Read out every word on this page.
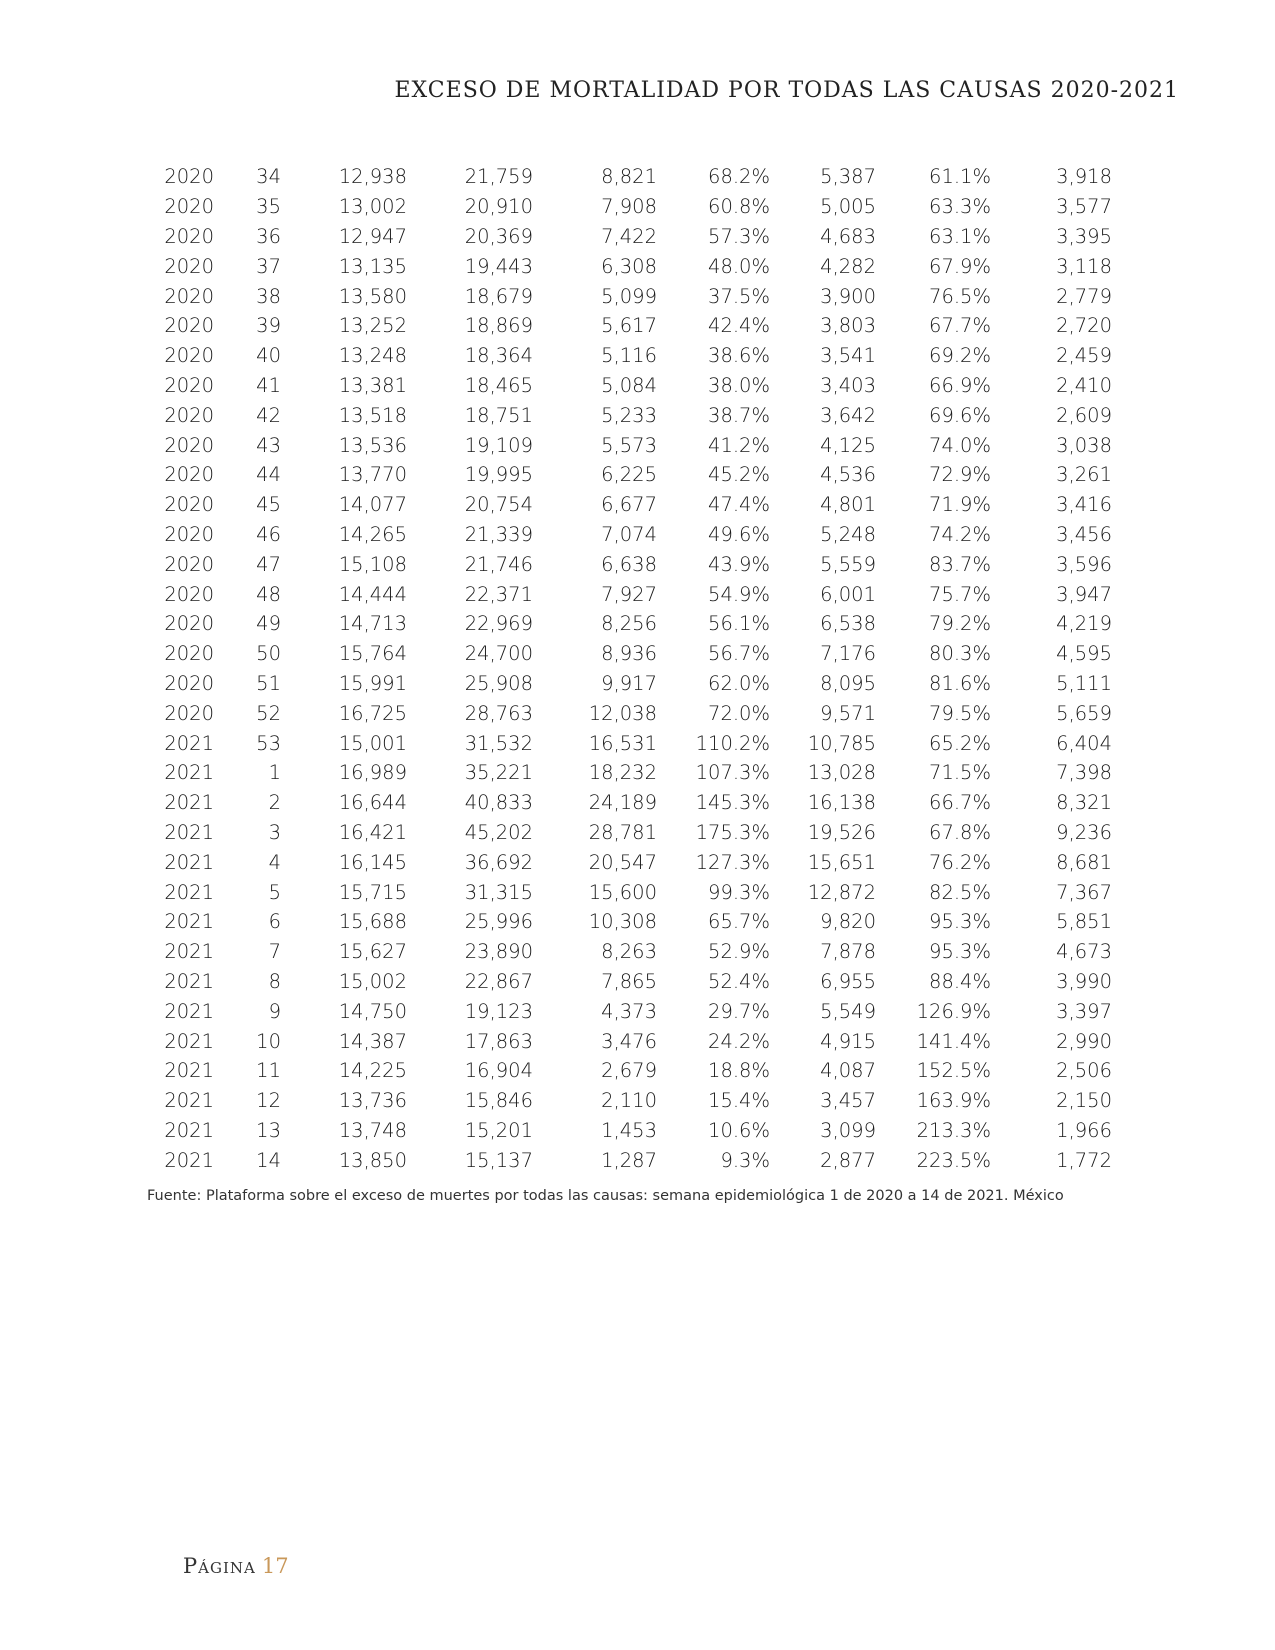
EXCESO DE MORTALIDAD POR TODAS LAS CAUSAS 2020-2021
2020	34	12,938	21,759	8,821	68.2%	5,387	61.1%	3,918
2020	35	13,002	20,910	7,908	60.8%	5,005	63.3%	3,577
2020	36	12,947	20,369	7,422	57.3%	4,683	63.1%	3,395
2020	37	13,135	19,443	6,308	48.0%	4,282	67.9%	3,118
2020	38	13,580	18,679	5,099	37.5%	3,900	76.5%	2,779
2020	39	13,252	18,869	5,617	42.4%	3,803	67.7%	2,720
2020	40	13,248	18,364	5,116	38.6%	3,541	69.2%	2,459
2020	41	13,381	18,465	5,084	38.0%	3,403	66.9%	2,410
2020	42	13,518	18,751	5,233	38.7%	3,642	69.6%	2,609
2020	43	13,536	19,109	5,573	41.2%	4,125	74.0%	3,038
2020	44	13,770	19,995	6,225	45.2%	4,536	72.9%	3,261
2020	45	14,077	20,754	6,677	47.4%	4,801	71.9%	3,416
2020	46	14,265	21,339	7,074	49.6%	5,248	74.2%	3,456
2020	47	15,108	21,746	6,638	43.9%	5,559	83.7%	3,596
2020	48	14,444	22,371	7,927	54.9%	6,001	75.7%	3,947
2020	49	14,713	22,969	8,256	56.1%	6,538	79.2%	4,219
2020	50	15,764	24,700	8,936	56.7%	7,176	80.3%	4,595
2020	51	15,991	25,908	9,917	62.0%	8,095	81.6%	5,111
2020	52	16,725	28,763	12,038	72.0%	9,571	79.5%	5,659
2021	53	15,001	31,532	16,531	110.2%	10,785	65.2%	6,404
2021	1	16,989	35,221	18,232	107.3%	13,028	71.5%	7,398
2021	2	16,644	40,833	24,189	145.3%	16,138	66.7%	8,321
2021	3	16,421	45,202	28,781	175.3%	19,526	67.8%	9,236
2021	4	16,145	36,692	20,547	127.3%	15,651	76.2%	8,681
2021	5	15,715	31,315	15,600	99.3%	12,872	82.5%	7,367
2021	6	15,688	25,996	10,308	65.7%	9,820	95.3%	5,851
2021	7	15,627	23,890	8,263	52.9%	7,878	95.3%	4,673
2021	8	15,002	22,867	7,865	52.4%	6,955	88.4%	3,990
2021	9	14,750	19,123	4,373	29.7%	5,549	126.9%	3,397
2021	10	14,387	17,863	3,476	24.2%	4,915	141.4%	2,990
2021	11	14,225	16,904	2,679	18.8%	4,087	152.5%	2,506
2021	12	13,736	15,846	2,110	15.4%	3,457	163.9%	2,150
2021	13	13,748	15,201	1,453	10.6%	3,099	213.3%	1,966
2021	14	13,850	15,137	1,287	9.3%	2,877	223.5%	1,772
Fuente: Plataforma sobre el exceso de muertes por todas las causas: semana epidemiológica 1 de 2020 a 14 de 2021. México
Página 17
